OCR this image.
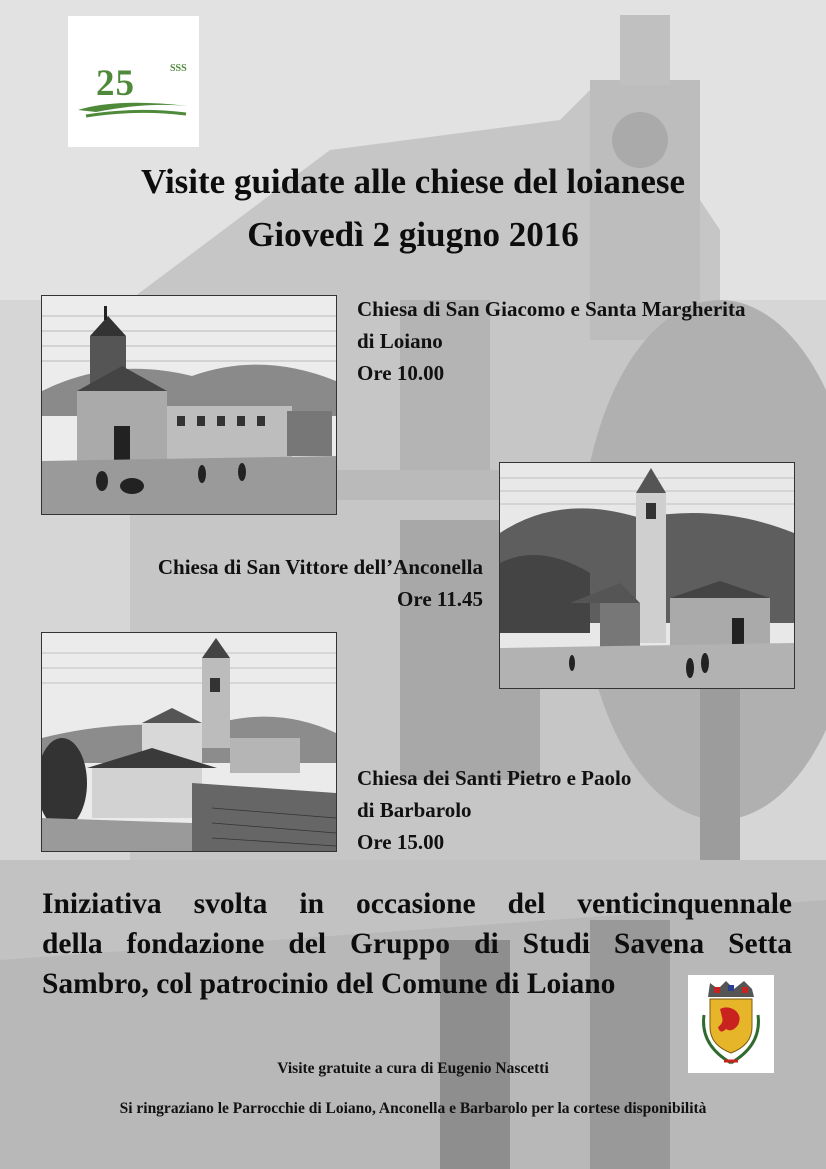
25	SSS
Visite guidate alle chiese del loianese
Giovedì 2 giugno 2016
Chiesa di San Giacomo e Santa Margherita
di Loiano
Ore 10.00
Chiesa di San Vittore dell’Anconella
Ore 11.45
Chiesa dei Santi Pietro e Paolo
di Barbarolo
Ore 15.00
Iniziativa svolta in occasione del venticinquennale
della fondazione del Gruppo di Studi Savena Setta
Sambro, col patrocinio del Comune di Loiano
Visite gratuite a cura di Eugenio Nascetti
Si ringraziano le Parrocchie di Loiano, Anconella e Barbarolo per la cortese disponibilità
